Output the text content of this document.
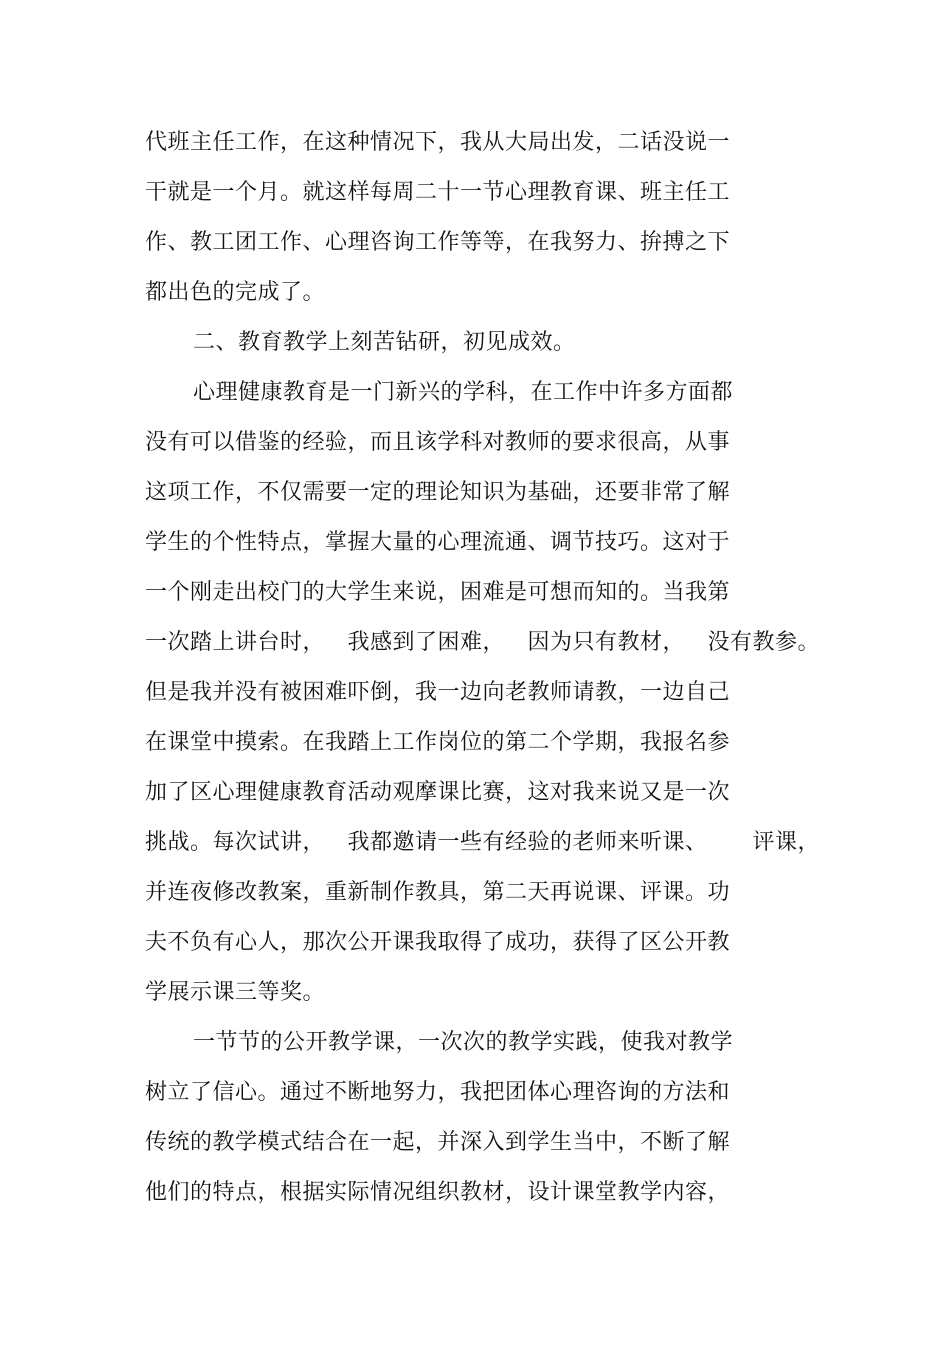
代班主任工作，在这种情况下，我从大局出发，二话没说一
干就是一个月。就这样每周二十一节心理教育课、班主任工
作、教工团工作、心理咨询工作等等，在我努力、拚搏之下
都出色的完成了。
二、教育教学上刻苦钻研，初见成效。
心理健康教育是一门新兴的学科，在工作中许多方面都
没有可以借鉴的经验，而且该学科对教师的要求很高，从事
这项工作，不仅需要一定的理论知识为基础，还要非常了解
学生的个性特点，掌握大量的心理流通、调节技巧。这对于
一个刚走出校门的大学生来说，困难是可想而知的。当我第
一次踏上讲台时，   我感到了困难，   因为只有教材，   没有教参。
但是我并没有被困难吓倒，我一边向老教师请教，一边自己
在课堂中摸索。在我踏上工作岗位的第二个学期，我报名参
加了区心理健康教育活动观摩课比赛，这对我来说又是一次
挑战。每次试讲，   我都邀请一些有经验的老师来听课、      评课，
并连夜修改教案，重新制作教具，第二天再说课、评课。功
夫不负有心人，那次公开课我取得了成功，获得了区公开教
学展示课三等奖。
一节节的公开教学课，一次次的教学实践，使我对教学
树立了信心。通过不断地努力，我把团体心理咨询的方法和
传统的教学模式结合在一起，并深入到学生当中，不断了解
他们的特点，根据实际情况组织教材，设计课堂教学内容，
